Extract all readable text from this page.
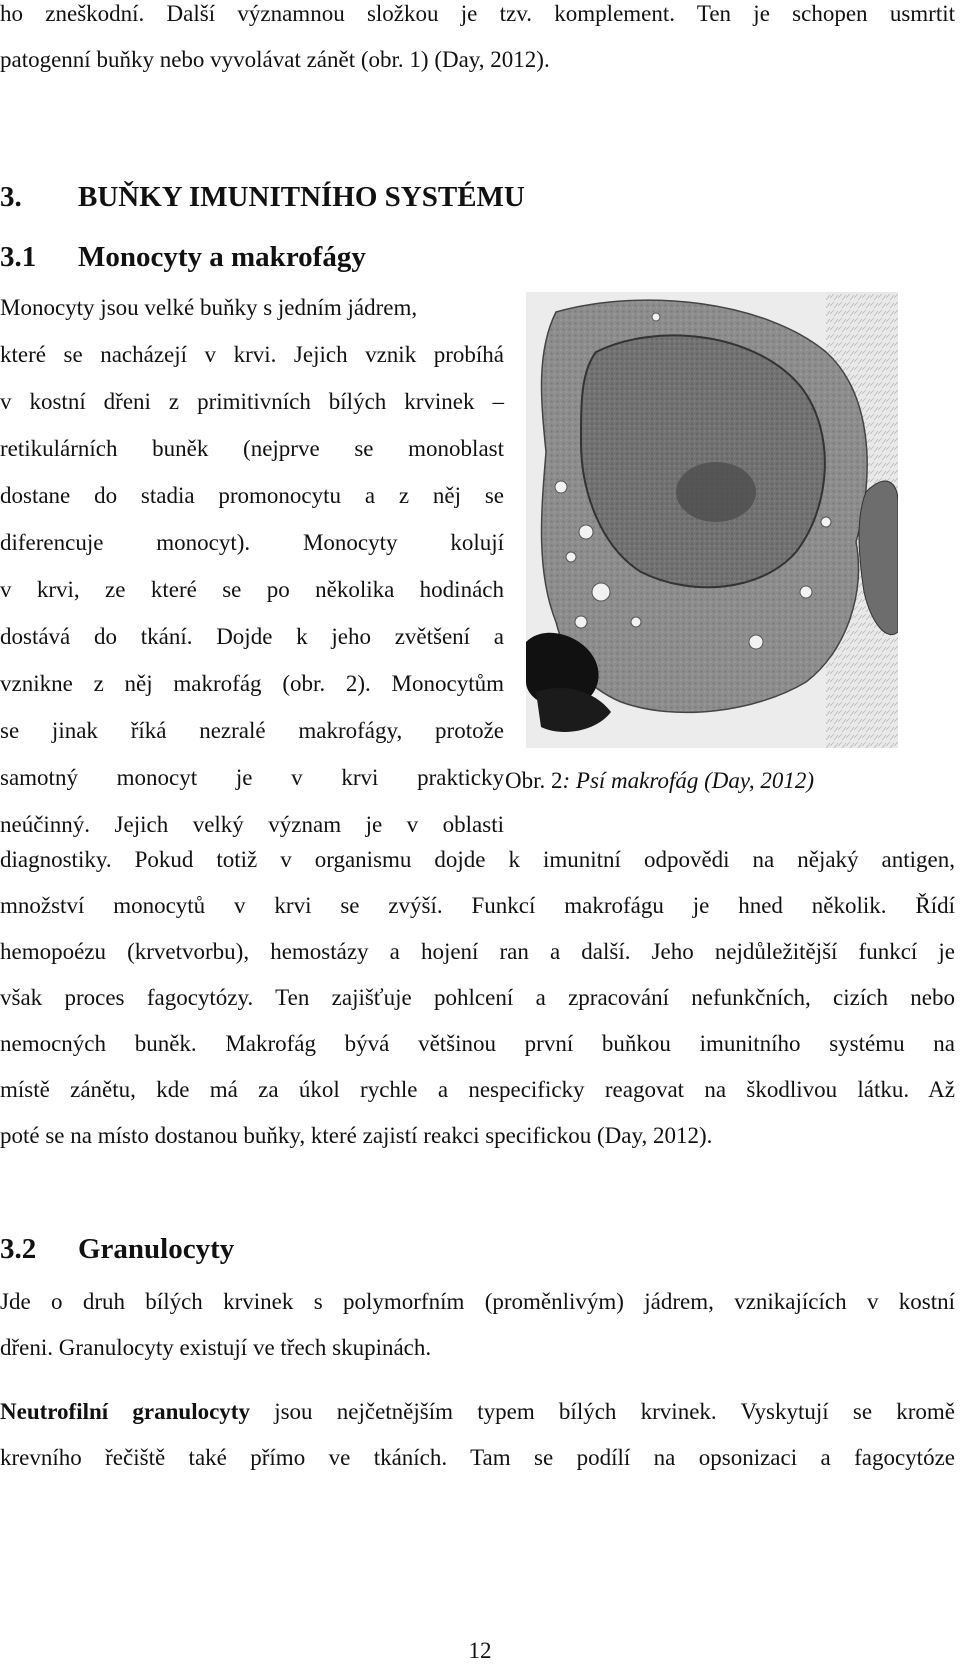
ho zneškodní. Další významnou složkou je tzv. komplement. Ten je schopen usmrtit
patogenní buňky nebo vyvolávat zánět (obr. 1) (Day, 2012).
3. BUŇKY IMUNITNÍHO SYSTÉMU
3.1 Monocyty a makrofágy
Monocyty jsou velké buňky s jedním jádrem,
které se nacházejí v krvi. Jejich vznik probíhá
v kostní dřeni z primitivních bílých krvinek –
retikulárních buněk (nejprve se monoblast
dostane do stadia promonocytu a z něj se
diferencuje monocyt). Monocyty kolují
v krvi, ze které se po několika hodinách
dostává do tkání. Dojde k jeho zvětšení a
vznikne z něj makrofág (obr. 2). Monocytům
se jinak říká nezralé makrofágy, protože
samotný monocyt je v krvi prakticky
neúčinný. Jejich velký význam je v oblasti
Obr. 2: Psí makrofág (Day, 2012)
diagnostiky. Pokud totiž v organismu dojde k imunitní odpovědi na nějaký antigen,
množství monocytů v krvi se zvýší. Funkcí makrofágu je hned několik. Řídí
hemopoézu (krvetvorbu), hemostázy a hojení ran a další. Jeho nejdůležitější funkcí je
však proces fagocytózy. Ten zajišťuje pohlcení a zpracování nefunkčních, cizích nebo
nemocných buněk. Makrofág bývá většinou první buňkou imunitního systému na
místě zánětu, kde má za úkol rychle a nespecificky reagovat na škodlivou látku. Až
poté se na místo dostanou buňky, které zajistí reakci specifickou (Day, 2012).
3.2 Granulocyty
Jde o druh bílých krvinek s polymorfním (proměnlivým) jádrem, vznikajících v kostní
dřeni. Granulocyty existují ve třech skupinách.
Neutrofilní granulocyty jsou nejčetnějším typem bílých krvinek. Vyskytují se kromě
krevního řečiště také přímo ve tkáních. Tam se podílí na opsonizaci a fagocytóze
12
